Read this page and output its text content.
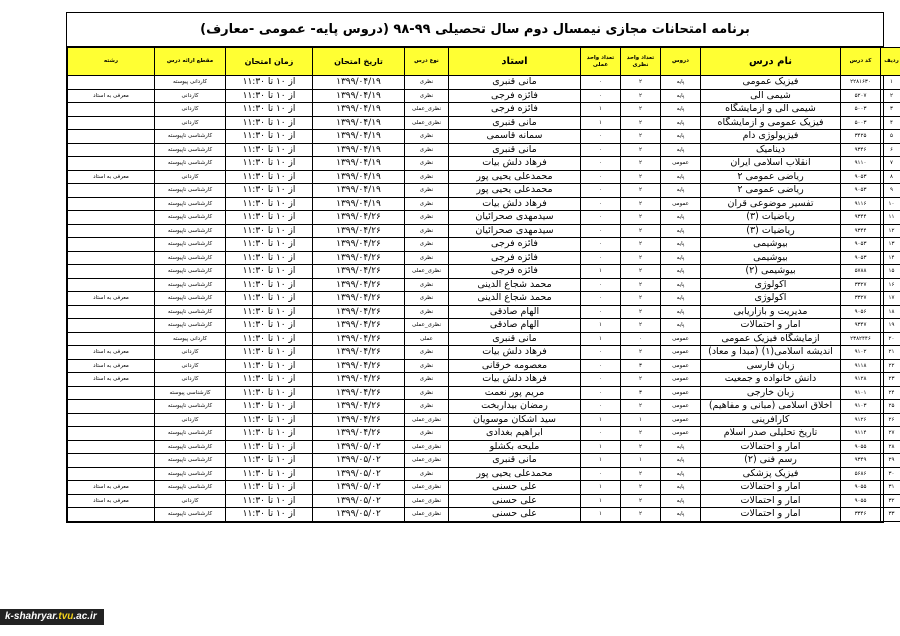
برنامه امتحانات مجازی نیمسال دوم سال تحصیلی ۹۹-۹۸ (دروس پایه- عمومی -معارف)
ردیف	کد درس	نام درس	دروس	تعداد واحد نظری	تعداد واحد عملی	استاد	نوع درس	تاریخ امتحان	زمان امتحان	مقطع ارائه درس	رشته
۱	۲۲۸۱۶۳۰	فیزیک عمومی	پایه	۲	۰	مانی قنبری	نظری	۱۳۹۹/۰۴/۱۹	از ۱۰ تا ۱۱:۳۰	کاردانی پیوسته	
۲	۵۲۰۷	شیمی آلی	پایه	۲	۰	فائزه فرجی	نظری	۱۳۹۹/۰۴/۱۹	از ۱۰ تا ۱۱:۳۰	کاردانی	معرفی به استاد
۳	۵۰۰۳	شیمی آلی و آزمایشگاه	پایه	۲	۱	فائزه فرجی	نظری_عملی	۱۳۹۹/۰۴/۱۹	از ۱۰ تا ۱۱:۳۰	کاردانی	
۴	۵۰۰۳	فیزیک عمومی و آزمایشگاه	پایه	۲	۱	مانی قنبری	نظری_عملی	۱۳۹۹/۰۴/۱۹	از ۱۰ تا ۱۱:۳۰	کاردانی	
۵	۳۴۲۵	فیزیولوژی دام	پایه	۲	۰	سمانه قاسمی	نظری	۱۳۹۹/۰۴/۱۹	از ۱۰ تا ۱۱:۳۰	کارشناسی ناپیوسته	
۶	۹۳۴۶	دینامیک	پایه	۲	۰	مانی قنبری	نظری	۱۳۹۹/۰۴/۱۹	از ۱۰ تا ۱۱:۳۰	کارشناسی ناپیوسته	
۷	۹۱۱۰	انقلاب اسلامی ایران	عمومی	۲	۰	فرهاد دلش بیات	نظری	۱۳۹۹/۰۴/۱۹	از ۱۰ تا ۱۱:۳۰	کارشناسی ناپیوسته	
۸	۹۰۵۳	ریاضی عمومی ۲	پایه	۲	۰	محمدعلی یحیی پور	نظری	۱۳۹۹/۰۴/۱۹	از ۱۰ تا ۱۱:۳۰	کاردانی	معرفی به استاد
۹	۹۰۵۳	ریاضی عمومی ۲	پایه	۲	۰	محمدعلی یحیی پور	نظری	۱۳۹۹/۰۴/۱۹	از ۱۰ تا ۱۱:۳۰	کارشناسی ناپیوسته	
۱۰	۹۱۱۶	تفسیر موضوعی قرآن	عمومی	۲	۰	فرهاد دلش بیات	نظری	۱۳۹۹/۰۴/۱۹	از ۱۰ تا ۱۱:۳۰	کارشناسی ناپیوسته	
۱۱	۹۳۴۴	ریاضیات (۳)	پایه	۲	۰	سیدمهدی صحرائیان	نظری	۱۳۹۹/۰۴/۲۶	از ۱۰ تا ۱۱:۳۰	کارشناسی ناپیوسته	
۱۲	۹۳۴۴	ریاضیات (۳)	پایه	۲	۰	سیدمهدی صحرائیان	نظری	۱۳۹۹/۰۴/۲۶	از ۱۰ تا ۱۱:۳۰	کارشناسی ناپیوسته	
۱۳	۹۰۵۳	بیوشیمی	پایه	۲	۰	فائزه فرجی	نظری	۱۳۹۹/۰۴/۲۶	از ۱۰ تا ۱۱:۳۰	کارشناسی ناپیوسته	
۱۴	۹۰۵۳	بیوشیمی	پایه	۲	۰	فائزه فرجی	نظری	۱۳۹۹/۰۴/۲۶	از ۱۰ تا ۱۱:۳۰	کارشناسی ناپیوسته	
۱۵	۵۷۸۸	بیوشیمی (۲)	پایه	۲	۱	فائزه فرجی	نظری_عملی	۱۳۹۹/۰۴/۲۶	از ۱۰ تا ۱۱:۳۰	کارشناسی ناپیوسته	
۱۶	۳۳۲۷	اکولوژی	پایه	۲	۰	محمد شجاع الدینی	نظری	۱۳۹۹/۰۴/۲۶	از ۱۰ تا ۱۱:۳۰	کارشناسی ناپیوسته	
۱۷	۳۳۲۷	اکولوژی	پایه	۲	۰	محمد شجاع الدینی	نظری	۱۳۹۹/۰۴/۲۶	از ۱۰ تا ۱۱:۳۰	کارشناسی ناپیوسته	معرفی به استاد
۱۸	۹۰۵۶	مدیریت و بازاریابی	پایه	۲	۰	الهام صادقی	نظری	۱۳۹۹/۰۴/۲۶	از ۱۰ تا ۱۱:۳۰	کارشناسی ناپیوسته	
۱۹	۹۳۴۷	آمار و احتمالات	پایه	۲	۱	الهام صادقی	نظری_عملی	۱۳۹۹/۰۴/۲۶	از ۱۰ تا ۱۱:۳۰	کارشناسی ناپیوسته	
۲۰	۲۳۸۲۴۴۶	آزمایشگاه فیزیک عمومی	عمومی	۰	۱	مانی قنبری	عملی	۱۳۹۹/۰۴/۲۶	از ۱۰ تا ۱۱:۳۰	کاردانی پیوسته	
۲۱	۹۱۰۲	اندیشه اسلامی(۱) (مبدا و معاد)	عمومی	۲	۰	فرهاد دلش بیات	نظری	۱۳۹۹/۰۴/۲۶	از ۱۰ تا ۱۱:۳۰	کاردانی	معرفی به استاد
۲۲	۹۱۱۸	زبان فارسی	عمومی	۳	۰	معصومه خرقانی	نظری	۱۳۹۹/۰۴/۲۶	از ۱۰ تا ۱۱:۳۰	کاردانی	معرفی به استاد
۲۳	۹۱۲۸	دانش خانواده و جمعیت	عمومی	۲	۰	فرهاد دلش بیات	نظری	۱۳۹۹/۰۴/۲۶	از ۱۰ تا ۱۱:۳۰	کاردانی	معرفی به استاد
۲۴	۹۱۰۱	زبان خارجی	عمومی	۳	۰	مریم پور نعمت	نظری	۱۳۹۹/۰۴/۲۶	از ۱۰ تا ۱۱:۳۰	کارشناسی پیوسته	
۲۵	۹۱۰۳	اخلاق اسلامی (مبانی و مفاهیم)	عمومی	۲	۰	رمضان بیداربخت	نظری	۱۳۹۹/۰۴/۲۶	از ۱۰ تا ۱۱:۳۰	کارشناسی ناپیوسته	
۲۶	۹۱۲۶	کارآفرینی	عمومی	۱	۱	سید اشکان موسویان	نظری_عملی	۱۳۹۹/۰۴/۲۶	از ۱۰ تا ۱۱:۳۰	کاردانی	
۲۷	۹۱۱۴	تاریخ تحلیلی صدر اسلام	عمومی	۲	۰	ابراهیم بغدادی	نظری	۱۳۹۹/۰۴/۲۶	از ۱۰ تا ۱۱:۳۰	کارشناسی ناپیوسته	
۲۸	۹۰۵۵	آمار و احتمالات	پایه	۲	۱	ملیحه بکشلو	نظری_عملی	۱۳۹۹/۰۵/۰۲	از ۱۰ تا ۱۱:۳۰	کارشناسی ناپیوسته	
۲۹	۹۳۴۹	رسم فنی (۲)	پایه	۱	۱	مانی قنبری	نظری_عملی	۱۳۹۹/۰۵/۰۲	از ۱۰ تا ۱۱:۳۰	کارشناسی ناپیوسته	
۳۰	۵۶۸۶	فیزیک پزشکی	پایه	۲	۰	محمدعلی یحیی پور	نظری	۱۳۹۹/۰۵/۰۲	از ۱۰ تا ۱۱:۳۰	کارشناسی ناپیوسته	
۳۱	۹۰۵۵	آمار و احتمالات	پایه	۲	۱	علی حسنی	نظری_عملی	۱۳۹۹/۰۵/۰۲	از ۱۰ تا ۱۱:۳۰	کارشناسی ناپیوسته	معرفی به استاد
۳۲	۹۰۵۵	آمار و احتمالات	پایه	۲	۱	علی حسنی	نظری_عملی	۱۳۹۹/۰۵/۰۲	از ۱۰ تا ۱۱:۳۰	کاردانی	معرفی به استاد
۳۳	۳۳۴۶	آمار و احتمالات	پایه	۲	۱	علی حسنی	نظری_عملی	۱۳۹۹/۰۵/۰۲	از ۱۰ تا ۱۱:۳۰	کارشناسی ناپیوسته	
k-shahryar.tvu.ac.ir
